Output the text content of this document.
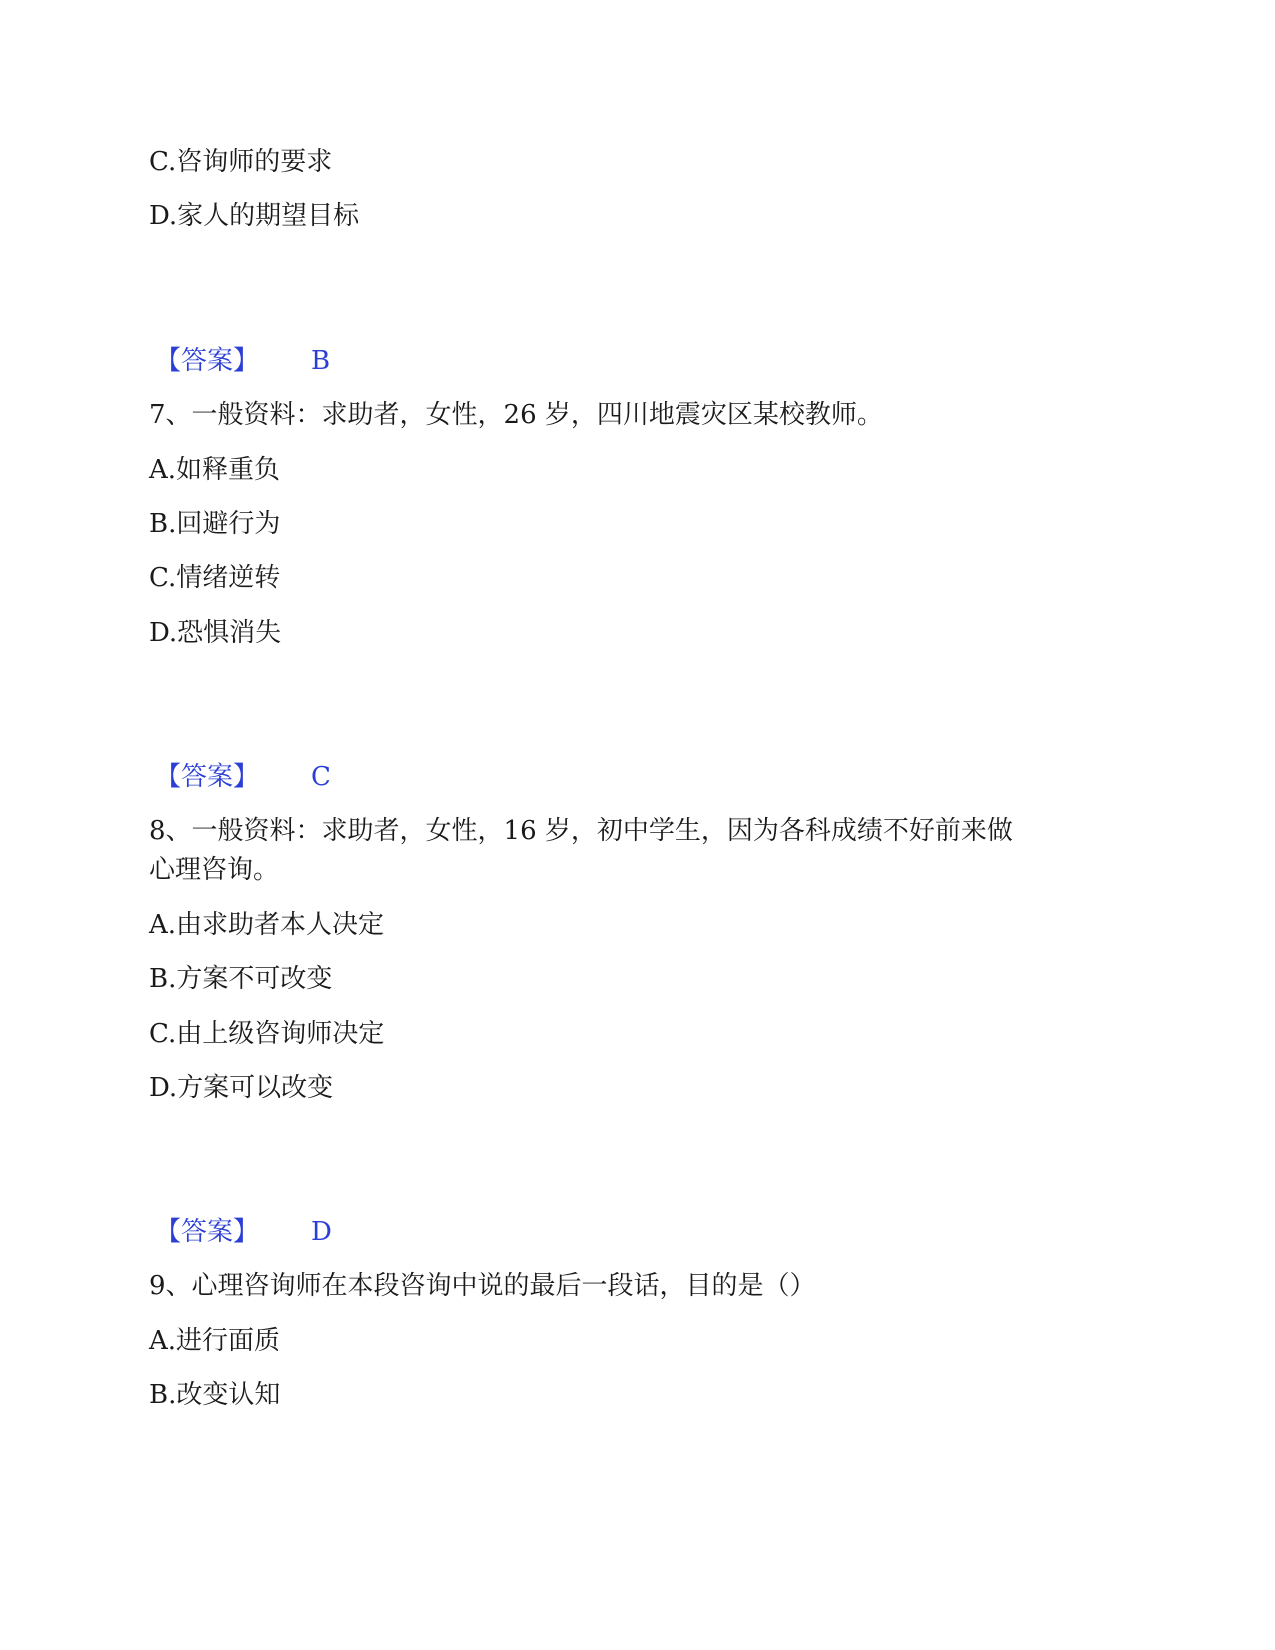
C.咨询师的要求
D.家人的期望目标
【答案】 B
7、一般资料：求助者，女性，26 岁，四川地震灾区某校教师。
A.如释重负
B.回避行为
C.情绪逆转
D.恐惧消失
【答案】 C
8、一般资料：求助者，女性，16 岁，初中学生，因为各科成绩不好前来做
心理咨询。
A.由求助者本人决定
B.方案不可改变
C.由上级咨询师决定
D.方案可以改变
【答案】 D
9、心理咨询师在本段咨询中说的最后一段话，目的是（）
A.进行面质
B.改变认知
